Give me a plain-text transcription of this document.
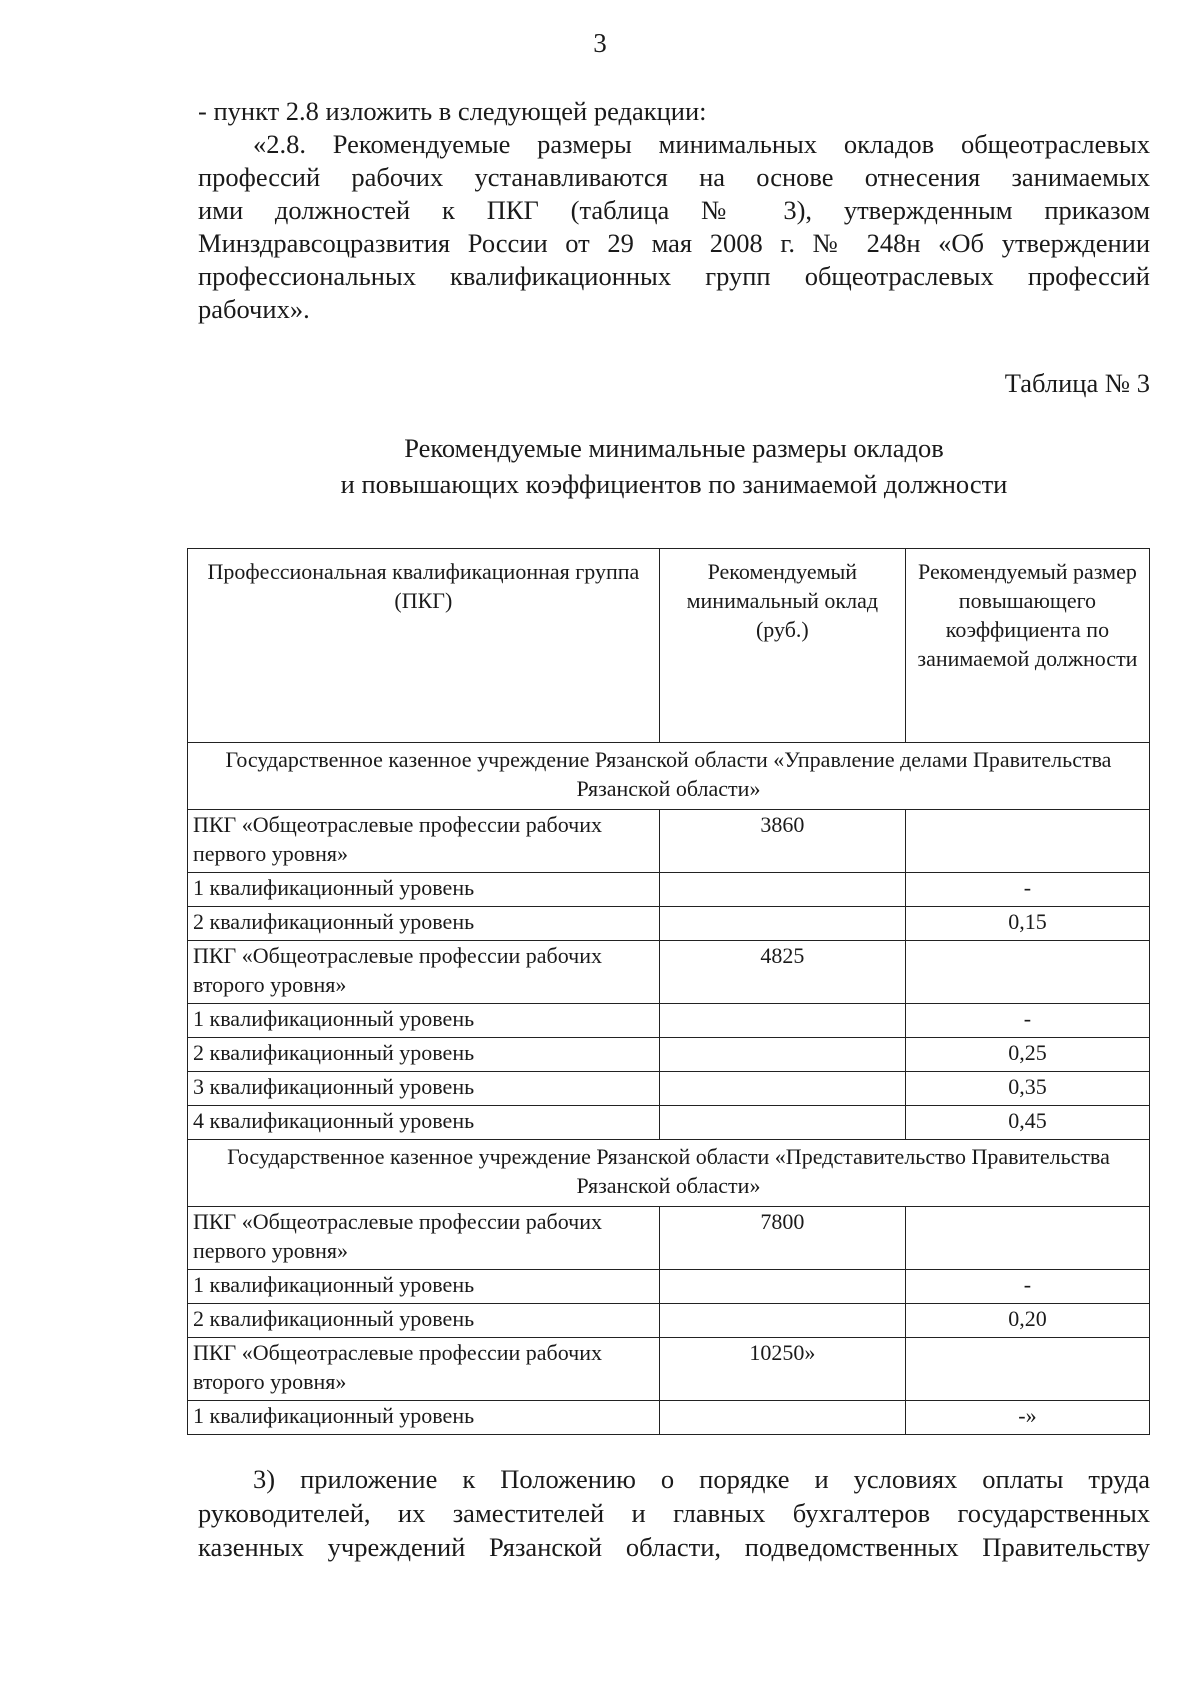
3
- пункт 2.8 изложить в следующей редакции:
«2.8. Рекомендуемые размеры минимальных окладов общеотраслевых
профессий рабочих устанавливаются на основе отнесения занимаемых
ими должностей к ПКГ (таблица № 3), утвержденным приказом
Минздравсоцразвития России от 29 мая 2008 г. № 248н «Об утверждении
профессиональных квалификационных групп общеотраслевых профессий
рабочих».
Таблица № 3
Рекомендуемые минимальные размеры окладов
и повышающих коэффициентов по занимаемой должности
Профессиональная квалификационная группа (ПКГ)	Рекомендуемый минимальный оклад (руб.)	Рекомендуемый размер повышающего коэффициента по занимаемой должности
Государственное казенное учреждение Рязанской области «Управление делами Правительства Рязанской области»		
ПКГ «Общеотраслевые профессии рабочих первого уровня»	3860	
1 квалификационный уровень		-
2 квалификационный уровень		0,15
ПКГ «Общеотраслевые профессии рабочих второго уровня»	4825	
1 квалификационный уровень		-
2 квалификационный уровень		0,25
3 квалификационный уровень		0,35
4 квалификационный уровень		0,45
Государственное казенное учреждение Рязанской области «Представительство Правительства Рязанской области»		
ПКГ «Общеотраслевые профессии рабочих первого уровня»	7800	
1 квалификационный уровень		-
2 квалификационный уровень		0,20
ПКГ «Общеотраслевые профессии рабочих второго уровня»	10250»	
1 квалификационный уровень		-»
3) приложение к Положению о порядке и условиях оплаты труда
руководителей, их заместителей и главных бухгалтеров государственных
казенных учреждений Рязанской области, подведомственных Правительству
